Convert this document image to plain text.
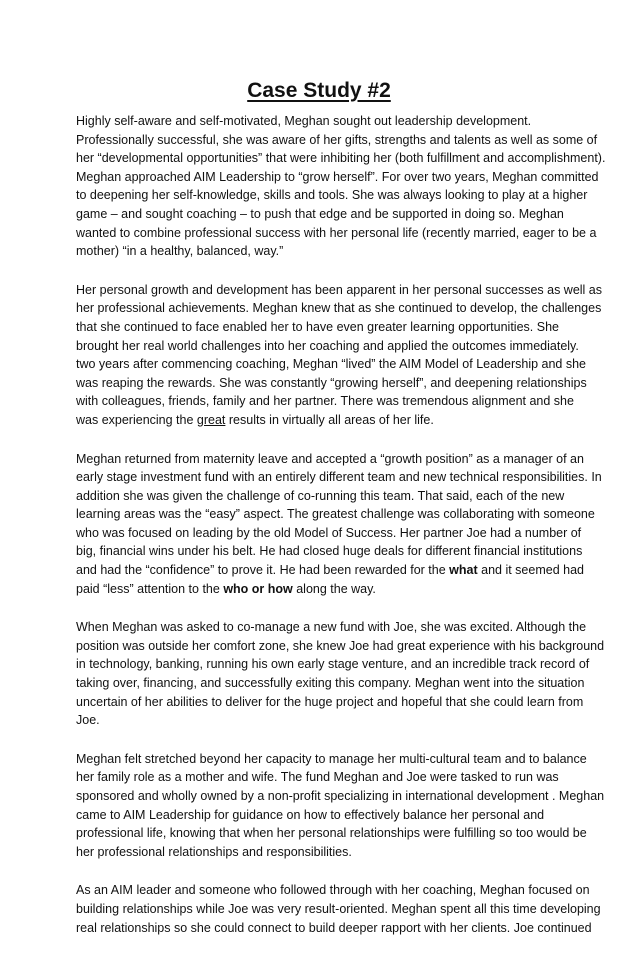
Case Study #2
Highly self-aware and self-motivated, Meghan sought out leadership development.
Professionally successful, she was aware of her gifts, strengths and talents as well as some of
her “developmental opportunities” that were inhibiting her (both fulfillment and accomplishment).
Meghan approached AIM Leadership to “grow herself”. For over two years, Meghan committed
to deepening her self-knowledge, skills and tools. She was always looking to play at a higher
game – and sought coaching – to push that edge and be supported in doing so. Meghan
wanted to combine professional success with her personal life (recently married, eager to be a
mother) “in a healthy, balanced, way.”
Her personal growth and development has been apparent in her personal successes as well as
her professional achievements. Meghan knew that as she continued to develop, the challenges
that she continued to face enabled her to have even greater learning opportunities. She
brought her real world challenges into her coaching and applied the outcomes immediately.
two years after commencing coaching, Meghan “lived” the AIM Model of Leadership and she
was reaping the rewards. She was constantly “growing herself”, and deepening relationships
with colleagues, friends, family and her partner. There was tremendous alignment and she
was experiencing the great results in virtually all areas of her life.
Meghan returned from maternity leave and accepted a “growth position” as a manager of an
early stage investment fund with an entirely different team and new technical responsibilities. In
addition she was given the challenge of co-running this team. That said, each of the new
learning areas was the “easy” aspect. The greatest challenge was collaborating with someone
who was focused on leading by the old Model of Success. Her partner Joe had a number of
big, financial wins under his belt. He had closed huge deals for different financial institutions
and had the “confidence” to prove it. He had been rewarded for the what and it seemed had
paid “less” attention to the who or how along the way.
When Meghan was asked to co-manage a new fund with Joe, she was excited. Although the
position was outside her comfort zone, she knew Joe had great experience with his background
in technology, banking, running his own early stage venture, and an incredible track record of
taking over, financing, and successfully exiting this company. Meghan went into the situation
uncertain of her abilities to deliver for the huge project and hopeful that she could learn from
Joe.
Meghan felt stretched beyond her capacity to manage her multi-cultural team and to balance
her family role as a mother and wife. The fund Meghan and Joe were tasked to run was
sponsored and wholly owned by a non-profit specializing in international development . Meghan
came to AIM Leadership for guidance on how to effectively balance her personal and
professional life, knowing that when her personal relationships were fulfilling so too would be
her professional relationships and responsibilities.
As an AIM leader and someone who followed through with her coaching, Meghan focused on
building relationships while Joe was very result-oriented. Meghan spent all this time developing
real relationships so she could connect to build deeper rapport with her clients. Joe continued
